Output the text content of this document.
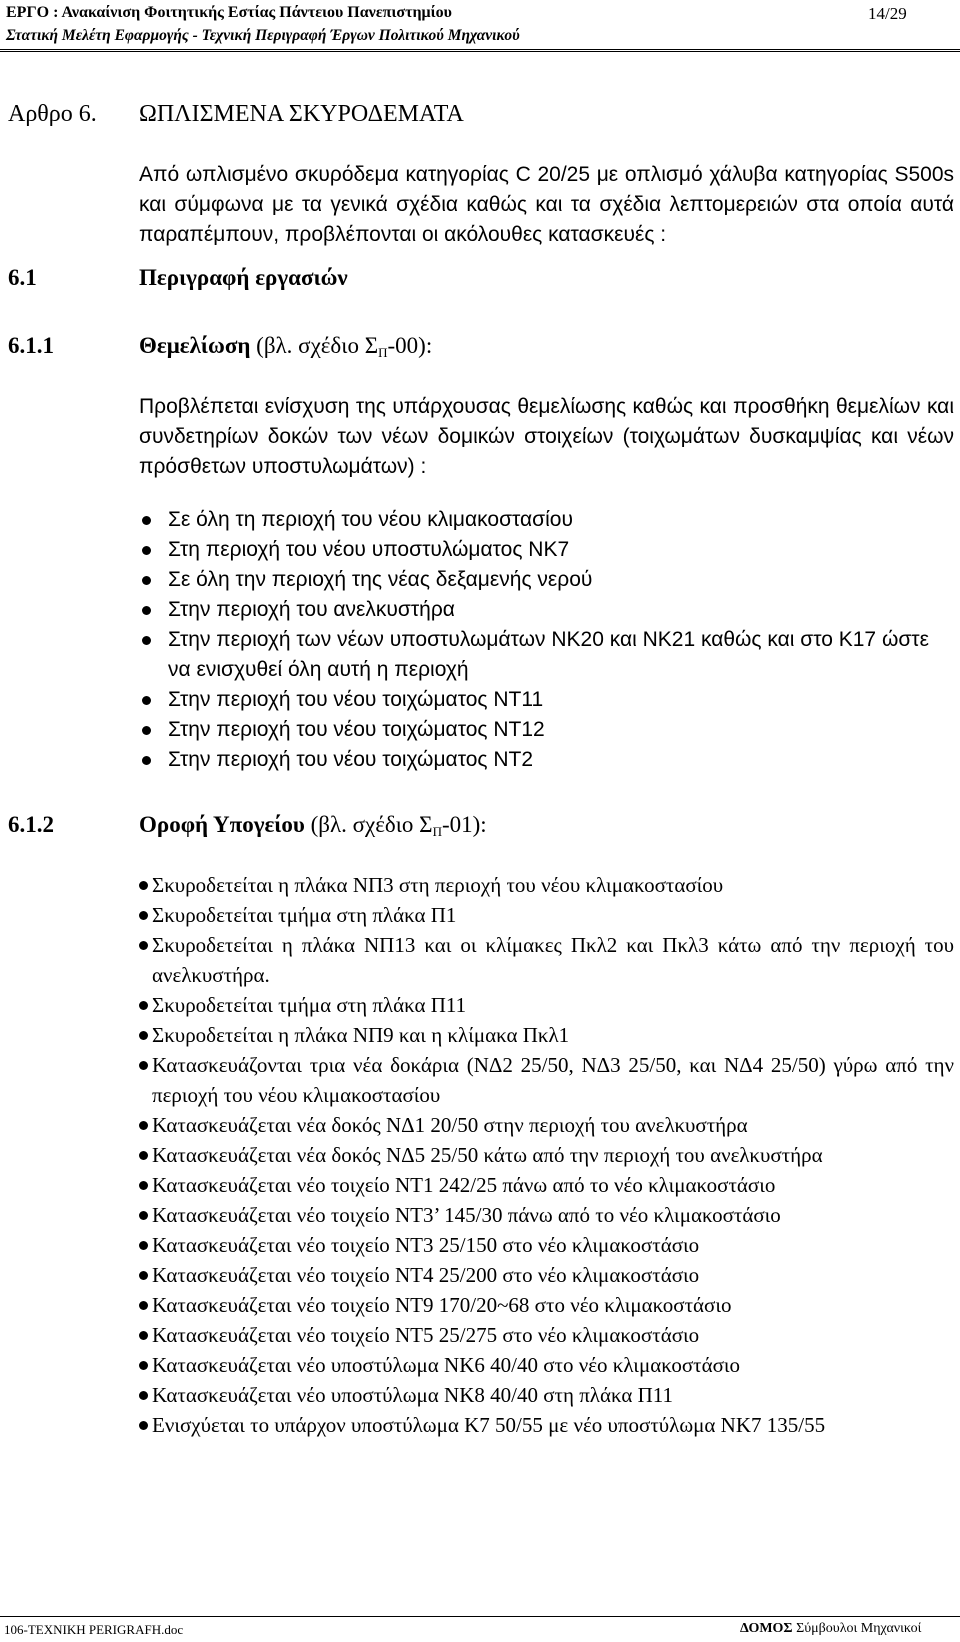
ΕΡΓΟ : Ανακαίνιση Φοιτητικής Εστίας Πάντειου Πανεπιστημίου	14/29
Στατική Μελέτη Εφαρμογής - Τεχνική Περιγραφή Έργων Πολιτικού Μηχανικού
Αρθρο 6. ΩΠΛΙΣΜΕΝΑ ΣΚΥΡΟΔΕΜΑΤΑ
Από ωπλισμένο σκυρόδεμα κατηγορίας C 20/25 με οπλισμό χάλυβα κατηγορίας S500s και σύμφωνα με τα γενικά σχέδια καθώς και τα σχέδια λεπτομερειών στα οποία αυτά παραπέμπουν, προβλέπονται οι ακόλουθες κατασκευές :
6.1	Περιγραφή εργασιών
6.1.1	Θεμελίωση (βλ. σχέδιο $\Sigma_\Pi-00$):
Προβλέπεται ενίσχυση της υπάρχουσας θεμελίωσης καθώς και προσθήκη θεμελίων και συνδετηρίων δοκών των νέων δομικών στοιχείων (τοιχωμάτων δυσκαμψίας και νέων πρόσθετων υποστυλωμάτων) :
Σε όλη τη περιοχή του νέου κλιμακοστασίου
Στη περιοχή του νέου υποστυλώματος ΝΚ7
Σε όλη την περιοχή της νέας δεξαμενής νερού
Στην περιοχή του ανελκυστήρα
Στην περιοχή των νέων υποστυλωμάτων ΝΚ20 και ΝΚ21 καθώς και στο Κ17 ώστε να ενισχυθεί όλη αυτή η περιοχή
Στην περιοχή του νέου τοιχώματος ΝΤ11
Στην περιοχή του νέου τοιχώματος ΝΤ12
Στην περιοχή του νέου τοιχώματος ΝΤ2
6.1.2	Οροφή Υπογείου (βλ. σχέδιο $\Sigma_\Pi-01$):
Σκυροδετείται η πλάκα ΝΠ3 στη περιοχή του νέου κλιμακοστασίου
Σκυροδετείται τμήμα στη πλάκα Π1
Σκυροδετείται η πλάκα ΝΠ13 και οι κλίμακες Πκλ2 και Πκλ3 κάτω από την περιοχή του ανελκυστήρα.
Σκυροδετείται τμήμα στη πλάκα Π11
Σκυροδετείται η πλάκα ΝΠ9 και η κλίμακα Πκλ1
Κατασκευάζονται τρια νέα δοκάρια (ΝΔ2 25/50, ΝΔ3 25/50, και ΝΔ4 25/50) γύρω από την περιοχή του νέου κλιμακοστασίου
Κατασκευάζεται νέα δοκός ΝΔ1 20/50 στην περιοχή του ανελκυστήρα
Κατασκευάζεται νέα δοκός ΝΔ5 25/50 κάτω από την περιοχή του ανελκυστήρα
Κατασκευάζεται νέο τοιχείο ΝΤ1 242/25 πάνω από το νέο κλιμακοστάσιο
Κατασκευάζεται νέο τοιχείο ΝΤ3’ 145/30 πάνω από το νέο κλιμακοστάσιο
Κατασκευάζεται νέο τοιχείο ΝΤ3 25/150 στο νέο κλιμακοστάσιο
Κατασκευάζεται νέο τοιχείο ΝΤ4 25/200 στο νέο κλιμακοστάσιο
Κατασκευάζεται νέο τοιχείο ΝΤ9 170/20~68 στο νέο κλιμακοστάσιο
Κατασκευάζεται νέο τοιχείο ΝΤ5 25/275 στο νέο κλιμακοστάσιο
Κατασκευάζεται νέο υποστύλωμα ΝΚ6 40/40 στο νέο κλιμακοστάσιο
Κατασκευάζεται νέο υποστύλωμα ΝΚ8 40/40 στη πλάκα Π11
Ενισχύεται το υπάρχον υποστύλωμα Κ7 50/55 με νέο υποστύλωμα ΝΚ7 135/55
106-ΤΕΧΝΙΚΗ PERIGRAFH.doc	ΔΟΜΟΣ Σύμβουλοι Μηχανικοί
